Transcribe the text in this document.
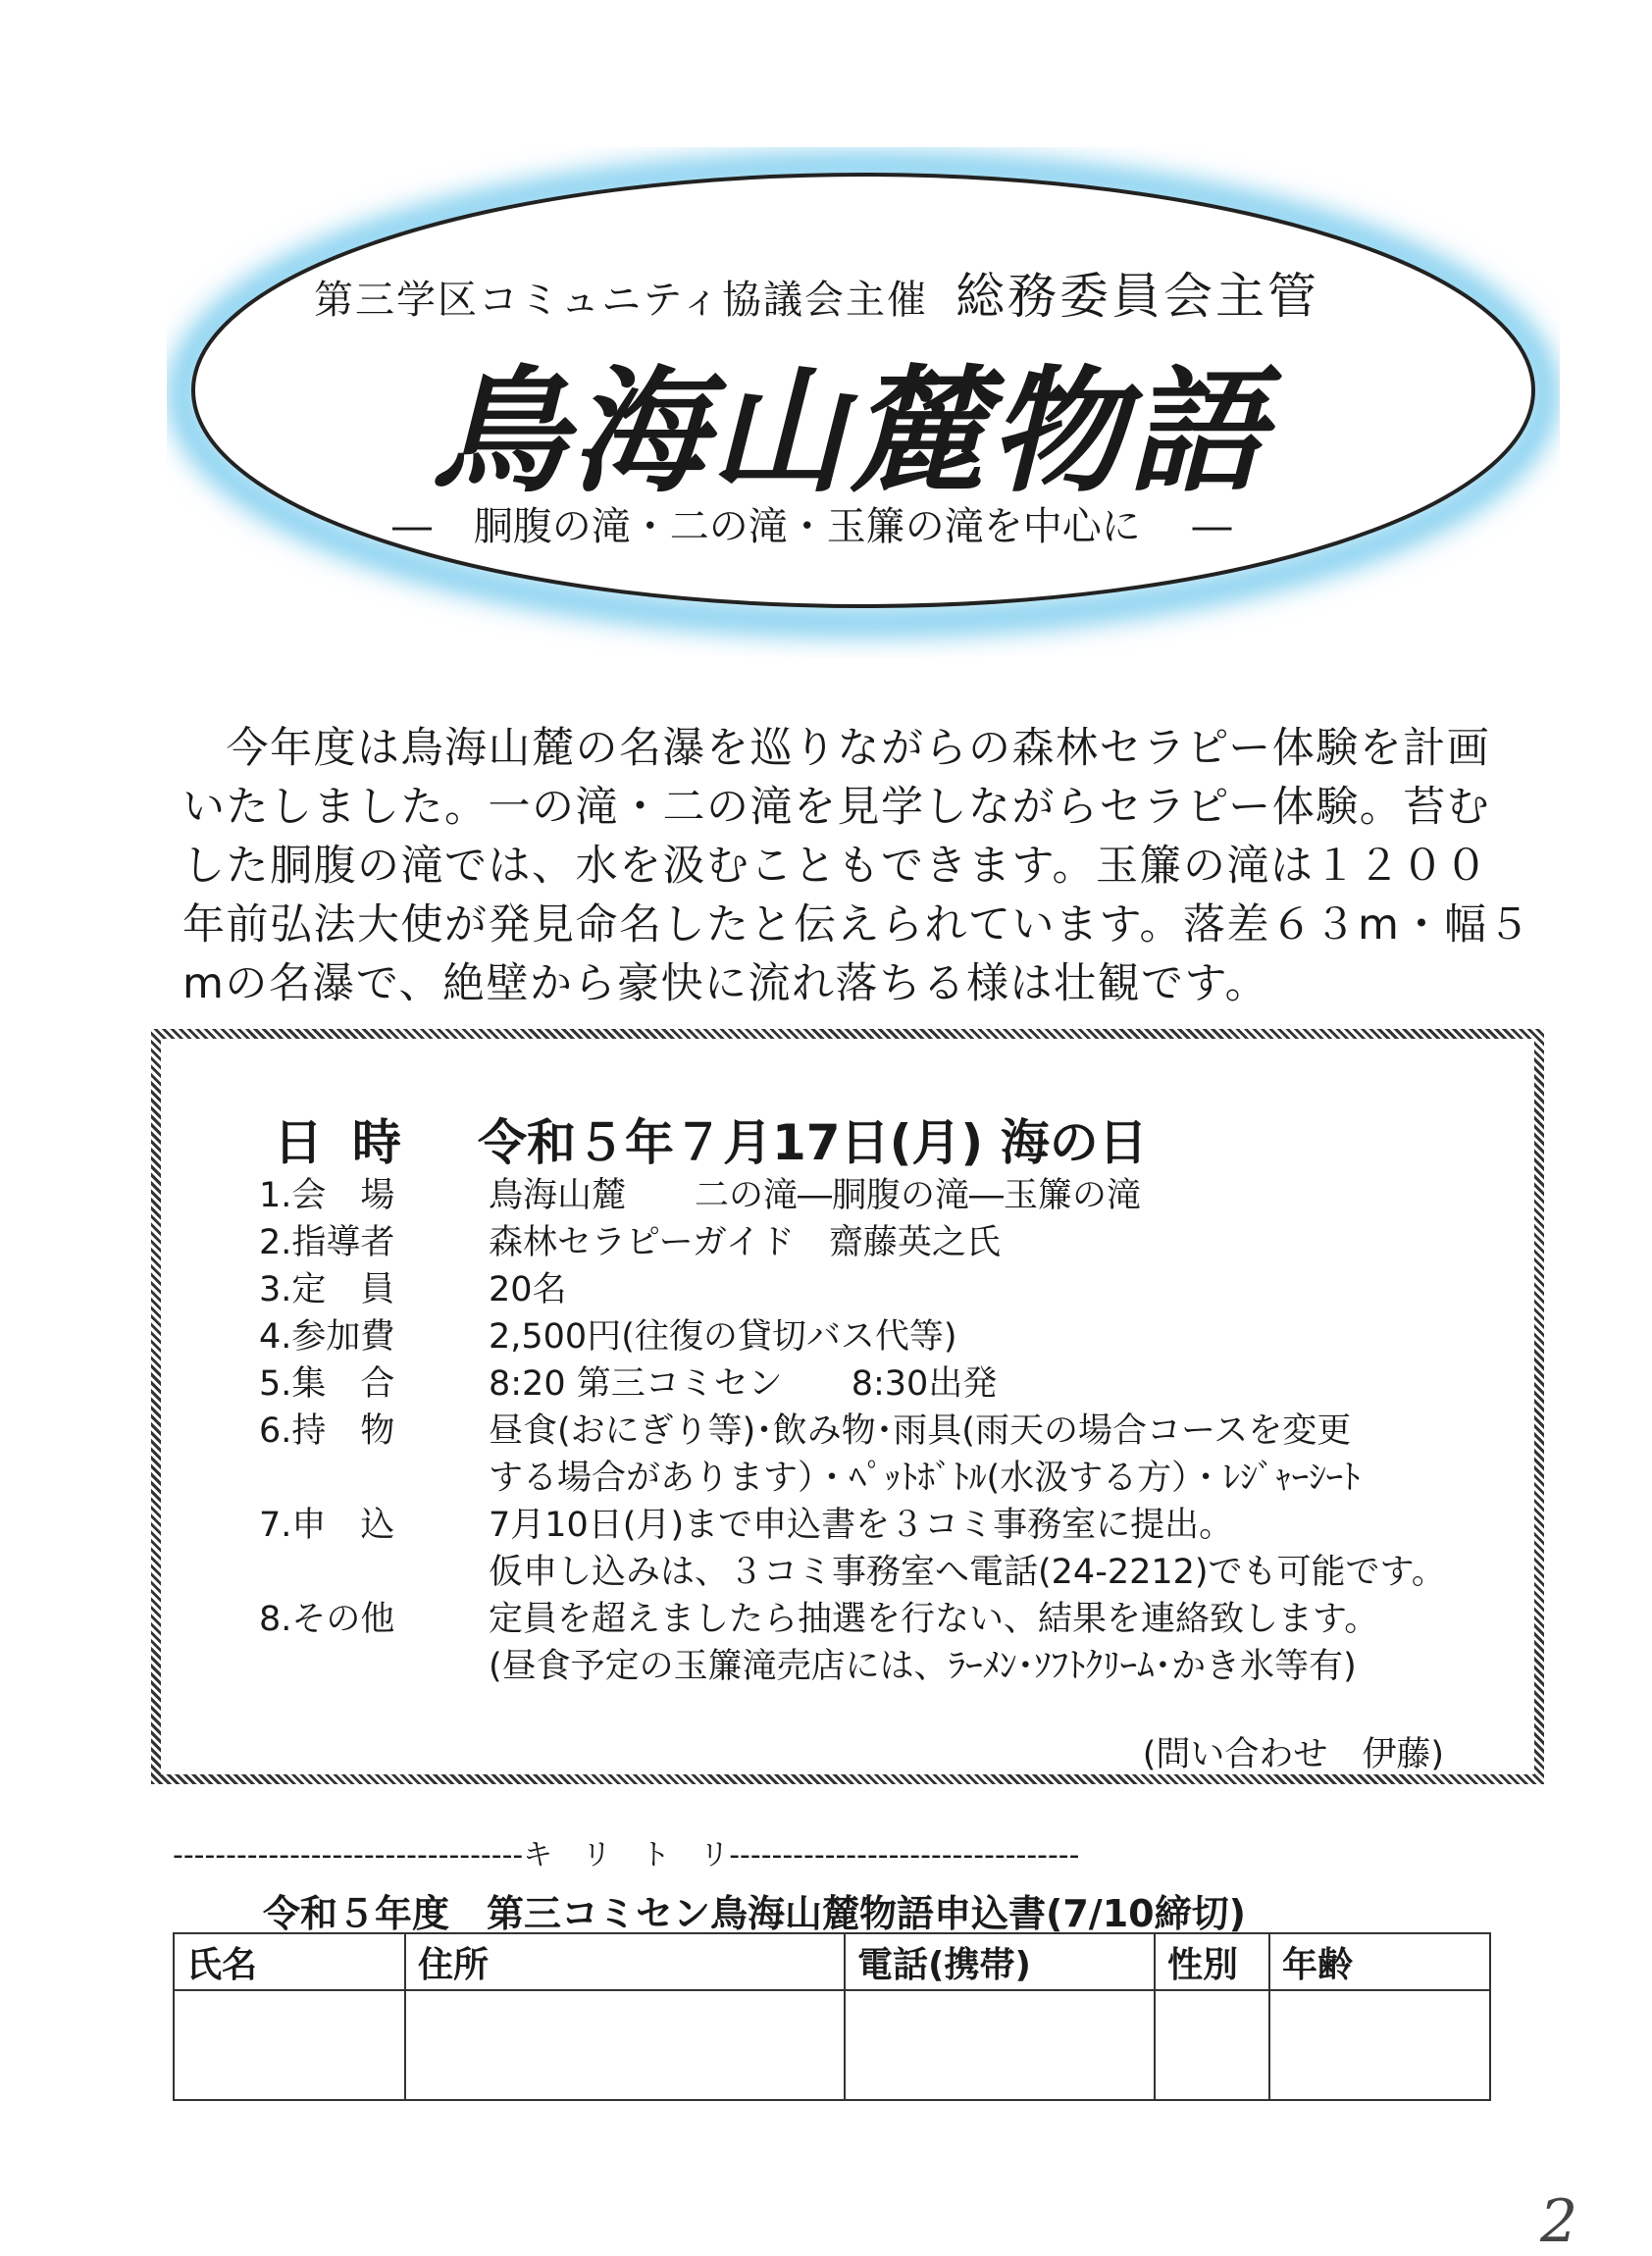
第三学区コミュニティ協議会主催 総務委員会主管
鳥海山麓物語
― 胴腹の滝・二の滝・玉簾の滝を中心に ―
　今年度は鳥海山麓の名瀑を巡りながらの森林セラピー体験を計画
いたしました。一の滝・二の滝を見学しながらセラピー体験。苔む
した胴腹の滝では、水を汲むこともできます。玉簾の滝は１２００
年前弘法大使が発見命名したと伝えられています。落差６３m・幅５
mの名瀑で、絶壁から豪快に流れ落ちる様は壮観です。
日時 令和５年７月17日(月) 海の日
1.会　場	鳥海山麓　　二の滝―胴腹の滝―玉簾の滝
2.指導者	森林セラピーガイド　齋藤英之氏
3.定　員	20名
4.参加費	2,500円(往復の貸切バス代等)
5.集　合	8:20 第三コミセン　　8:30出発
6.持　物	昼食(おにぎり等)･飲み物･雨具(雨天の場合コースを変更
する場合があります）・ﾍﾟｯﾄﾎﾞﾄﾙ(水汲する方）・ﾚｼﾞｬｰｼｰﾄ
7.申　込	7月10日(月)まで申込書を３コミ事務室に提出。
仮申し込みは、３コミ事務室へ電話(24-2212)でも可能です。
8.その他	定員を超えましたら抽選を行ない、結果を連絡致します。
(昼食予定の玉簾滝売店には、ﾗｰﾒﾝ･ｿﾌﾄｸﾘｰﾑ･かき氷等有)
(問い合わせ　伊藤)
---------------------------------キ　リ　ト　リ---------------------------------
令和５年度　第三コミセン鳥海山麓物語申込書(7/10締切)
氏名	住所	電話(携帯)	性別	年齢

2
